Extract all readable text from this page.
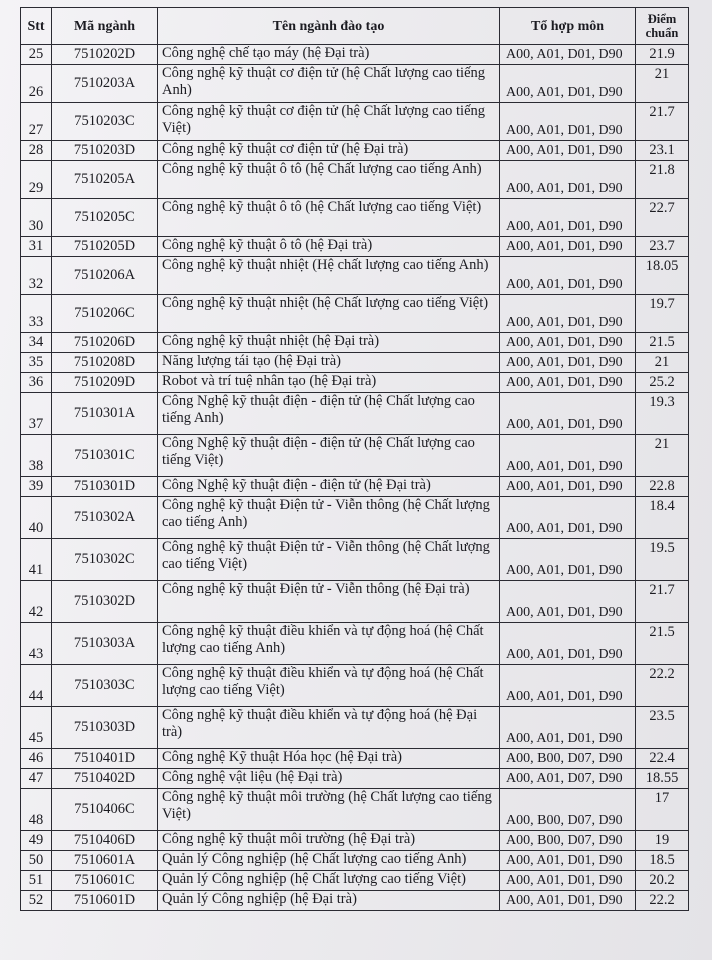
Stt	Mã ngành	Tên ngành đào tạo	Tổ hợp môn	Điểm
chuẩn
25	7510202D	Công nghệ chế tạo máy (hệ Đại trà)	A00, A01, D01, D90	21.9
26	7510203A	Công nghệ kỹ thuật cơ điện tử (hệ Chất lượng cao tiếng Anh)	A00, A01, D01, D90	21
27	7510203C	Công nghệ kỹ thuật cơ điện tử (hệ Chất lượng cao tiếng Việt)	A00, A01, D01, D90	21.7
28	7510203D	Công nghệ kỹ thuật cơ điện tử (hệ Đại trà)	A00, A01, D01, D90	23.1
29	7510205A	Công nghệ kỹ thuật ô tô (hệ Chất lượng cao tiếng Anh)	A00, A01, D01, D90	21.8
30	7510205C	Công nghệ kỹ thuật ô tô (hệ Chất lượng cao tiếng Việt)	A00, A01, D01, D90	22.7
31	7510205D	Công nghệ kỹ thuật ô tô (hệ Đại trà)	A00, A01, D01, D90	23.7
32	7510206A	Công nghệ kỹ thuật nhiệt (Hệ chất lượng cao tiếng Anh)	A00, A01, D01, D90	18.05
33	7510206C	Công nghệ kỹ thuật nhiệt (hệ Chất lượng cao tiếng Việt)	A00, A01, D01, D90	19.7
34	7510206D	Công nghệ kỹ thuật nhiệt (hệ Đại trà)	A00, A01, D01, D90	21.5
35	7510208D	Năng lượng tái tạo (hệ Đại trà)	A00, A01, D01, D90	21
36	7510209D	Robot và trí tuệ nhân tạo (hệ Đại trà)	A00, A01, D01, D90	25.2
37	7510301A	Công Nghệ kỹ thuật điện - điện tử (hệ Chất lượng cao tiếng Anh)	A00, A01, D01, D90	19.3
38	7510301C	Công Nghệ kỹ thuật điện - điện tử (hệ Chất lượng cao tiếng Việt)	A00, A01, D01, D90	21
39	7510301D	Công Nghệ kỹ thuật điện - điện tử (hệ Đại trà)	A00, A01, D01, D90	22.8
40	7510302A	Công nghệ kỹ thuật Điện tử - Viễn thông (hệ Chất lượng cao tiếng Anh)	A00, A01, D01, D90	18.4
41	7510302C	Công nghệ kỹ thuật Điện tử - Viễn thông (hệ Chất lượng cao tiếng Việt)	A00, A01, D01, D90	19.5
42	7510302D	Công nghệ kỹ thuật Điện tử - Viễn thông (hệ Đại trà)	A00, A01, D01, D90	21.7
43	7510303A	Công nghệ kỹ thuật điều khiển và tự động hoá (hệ Chất lượng cao tiếng Anh)	A00, A01, D01, D90	21.5
44	7510303C	Công nghệ kỹ thuật điều khiển và tự động hoá (hệ Chất lượng cao tiếng Việt)	A00, A01, D01, D90	22.2
45	7510303D	Công nghệ kỹ thuật điều khiển và tự động hoá (hệ Đại trà)	A00, A01, D01, D90	23.5
46	7510401D	Công nghệ Kỹ thuật Hóa học (hệ Đại trà)	A00, B00, D07, D90	22.4
47	7510402D	Công nghệ vật liệu (hệ Đại trà)	A00, A01, D07, D90	18.55
48	7510406C	Công nghệ kỹ thuật môi trường (hệ Chất lượng cao tiếng Việt)	A00, B00, D07, D90	17
49	7510406D	Công nghệ kỹ thuật môi trường (hệ Đại trà)	A00, B00, D07, D90	19
50	7510601A	Quản lý Công nghiệp (hệ Chất lượng cao tiếng Anh)	A00, A01, D01, D90	18.5
51	7510601C	Quản lý Công nghiệp (hệ Chất lượng cao tiếng Việt)	A00, A01, D01, D90	20.2
52	7510601D	Quản lý Công nghiệp (hệ Đại trà)	A00, A01, D01, D90	22.2
